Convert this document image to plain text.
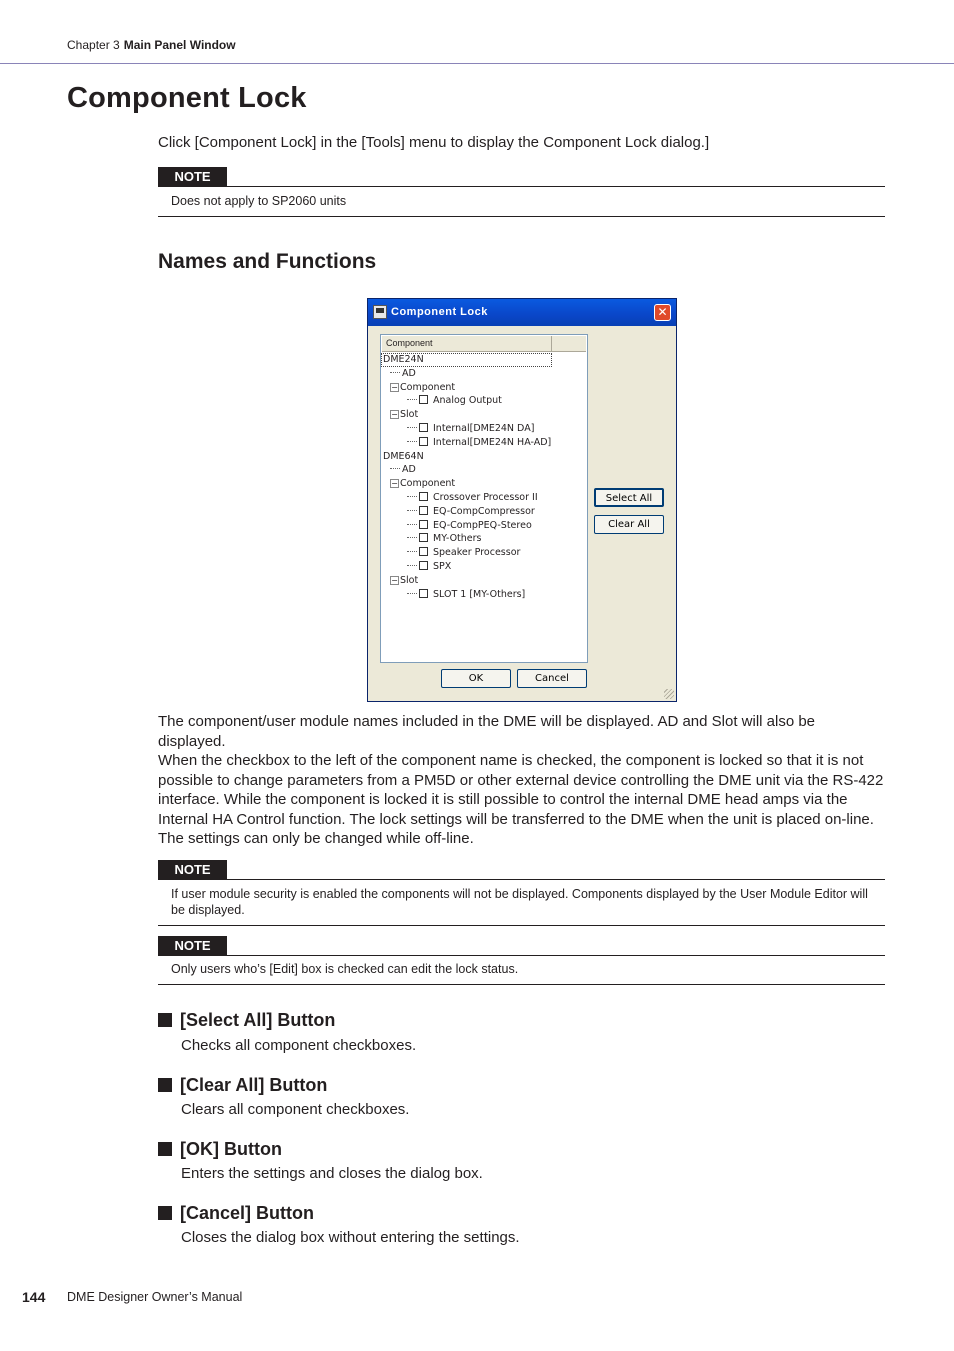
Chapter 3 Main Panel Window
Component Lock

Click [Component Lock] in the [Tools] menu to display the Component Lock dialog.]

NOTE
Does not apply to SP2060 units
Names and Functions
Component Lock	✕
Component
DME24N
AD
− Component
Analog Output
− Slot
Internal[DME24N DA]
Internal[DME24N HA-AD]
DME64N
AD
− Component
Crossover Processor II
EQ-CompCompressor
EQ-CompPEQ-Stereo
MY-Others
Speaker Processor
SPX
− Slot
SLOT 1 [MY-Others]
Select All
Clear All
OK	Cancel

The component/user module names included in the DME will be displayed. AD and Slot will also be displayed.
When the checkbox to the left of the component name is checked, the component is locked so that it is not possible to change parameters from a PM5D or other external device controlling the DME unit via the RS-422 interface. While the component is locked it is still possible to control the internal DME head amps via the Internal HA Control function. The lock settings will be transferred to the DME when the unit is placed on-line. The settings can only be changed while off-line.

NOTE
If user module security is enabled the components will not be displayed. Components displayed by the User Module Editor will be displayed.
NOTE
Only users who’s [Edit] box is checked can edit the lock status.
[Select All] Button
Checks all component checkboxes.
[Clear All] Button
Clears all component checkboxes.
[OK] Button
Enters the settings and closes the dialog box.
[Cancel] Button
Closes the dialog box without entering the settings.
144 DME Designer Owner’s Manual
